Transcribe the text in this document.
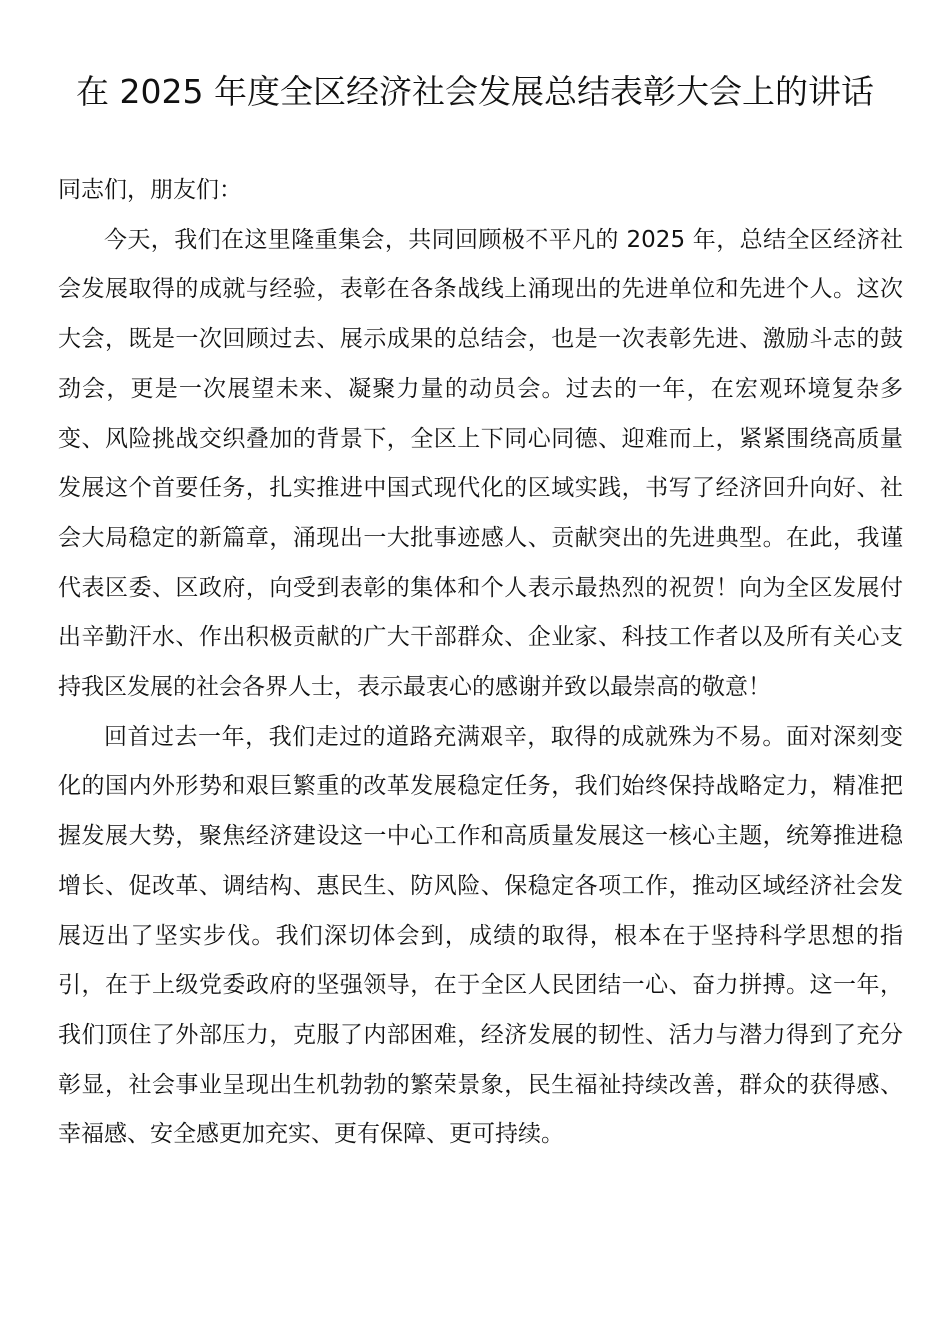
在 2025 年度全区经济社会发展总结表彰大会上的讲话

同志们，朋友们：

今天，我们在这里隆重集会，共同回顾极不平凡的 2025 年，总结全区经济社会发展取得的成就与经验，表彰在各条战线上涌现出的先进单位和先进个人。这次大会，既是一次回顾过去、展示成果的总结会，也是一次表彰先进、激励斗志的鼓劲会，更是一次展望未来、凝聚力量的动员会。过去的一年，在宏观环境复杂多变、风险挑战交织叠加的背景下，全区上下同心同德、迎难而上，紧紧围绕高质量发展这个首要任务，扎实推进中国式现代化的区域实践，书写了经济回升向好、社会大局稳定的新篇章，涌现出一大批事迹感人、贡献突出的先进典型。在此，我谨代表区委、区政府，向受到表彰的集体和个人表示最热烈的祝贺！向为全区发展付出辛勤汗水、作出积极贡献的广大干部群众、企业家、科技工作者以及所有关心支持我区发展的社会各界人士，表示最衷心的感谢并致以最崇高的敬意！

回首过去一年，我们走过的道路充满艰辛，取得的成就殊为不易。面对深刻变化的国内外形势和艰巨繁重的改革发展稳定任务，我们始终保持战略定力，精准把握发展大势，聚焦经济建设这一中心工作和高质量发展这一核心主题，统筹推进稳增长、促改革、调结构、惠民生、防风险、保稳定各项工作，推动区域经济社会发展迈出了坚实步伐。我们深切体会到，成绩的取得，根本在于坚持科学思想的指引，在于上级党委政府的坚强领导，在于全区人民团结一心、奋力拼搏。这一年，我们顶住了外部压力，克服了内部困难，经济发展的韧性、活力与潜力得到了充分彰显，社会事业呈现出生机勃勃的繁荣景象，民生福祉持续改善，群众的获得感、幸福感、安全感更加充实、更有保障、更可持续。
